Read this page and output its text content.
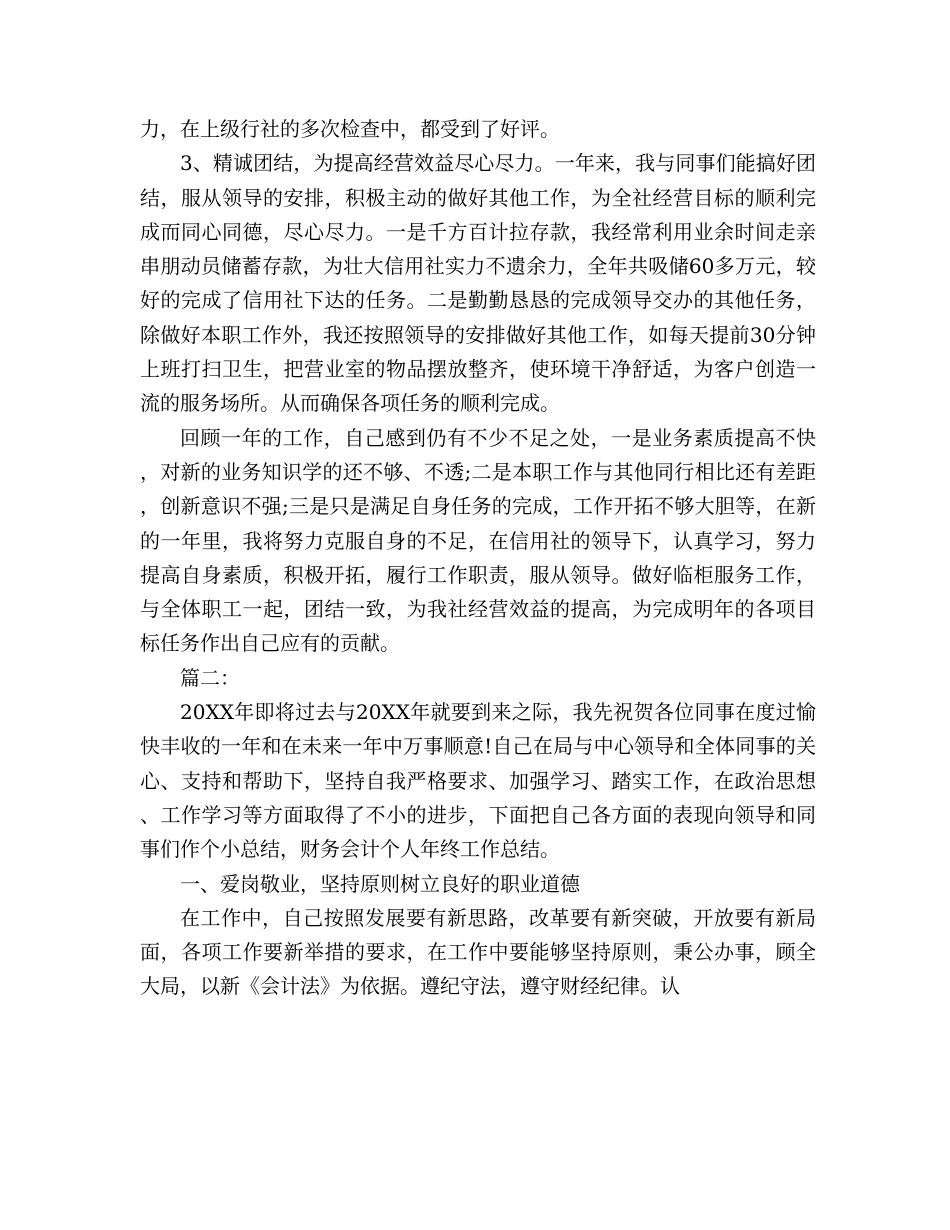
力，在上级行社的多次检查中，都受到了好评。

3、精诚团结，为提高经营效益尽心尽力。一年来，我与同事们能搞好团结，服从领导的安排，积极主动的做好其他工作，为全社经营目标的顺利完成而同心同德，尽心尽力。一是千方百计拉存款，我经常利用业余时间走亲串朋动员储蓄存款，为壮大信用社实力不遗余力，全年共吸储60多万元，较好的完成了信用社下达的任务。二是勤勤恳恳的完成领导交办的其他任务，除做好本职工作外，我还按照领导的安排做好其他工作，如每天提前30分钟上班打扫卫生，把营业室的物品摆放整齐，使环境干净舒适，为客户创造一流的服务场所。从而确保各项任务的顺利完成。

回顾一年的工作，自己感到仍有不少不足之处，一是业务素质提高不快，对新的业务知识学的还不够、不透;二是本职工作与其他同行相比还有差距，创新意识不强;三是只是满足自身任务的完成，工作开拓不够大胆等，在新的一年里，我将努力克服自身的不足，在信用社的领导下，认真学习，努力提高自身素质，积极开拓，履行工作职责，服从领导。做好临柜服务工作，与全体职工一起，团结一致，为我社经营效益的提高，为完成明年的各项目标任务作出自己应有的贡献。

篇二：

20XX年即将过去与20XX年就要到来之际，我先祝贺各位同事在度过愉快丰收的一年和在未来一年中万事顺意!自己在局与中心领导和全体同事的关心、支持和帮助下，坚持自我严格要求、加强学习、踏实工作，在政治思想、工作学习等方面取得了不小的进步，下面把自己各方面的表现向领导和同事们作个小总结，财务会计个人年终工作总结。

一、爱岗敬业，坚持原则树立良好的职业道德

在工作中，自己按照发展要有新思路，改革要有新突破，开放要有新局面，各项工作要新举措的要求，在工作中要能够坚持原则，秉公办事，顾全大局，以新《会计法》为依据。遵纪守法，遵守财经纪律。认
